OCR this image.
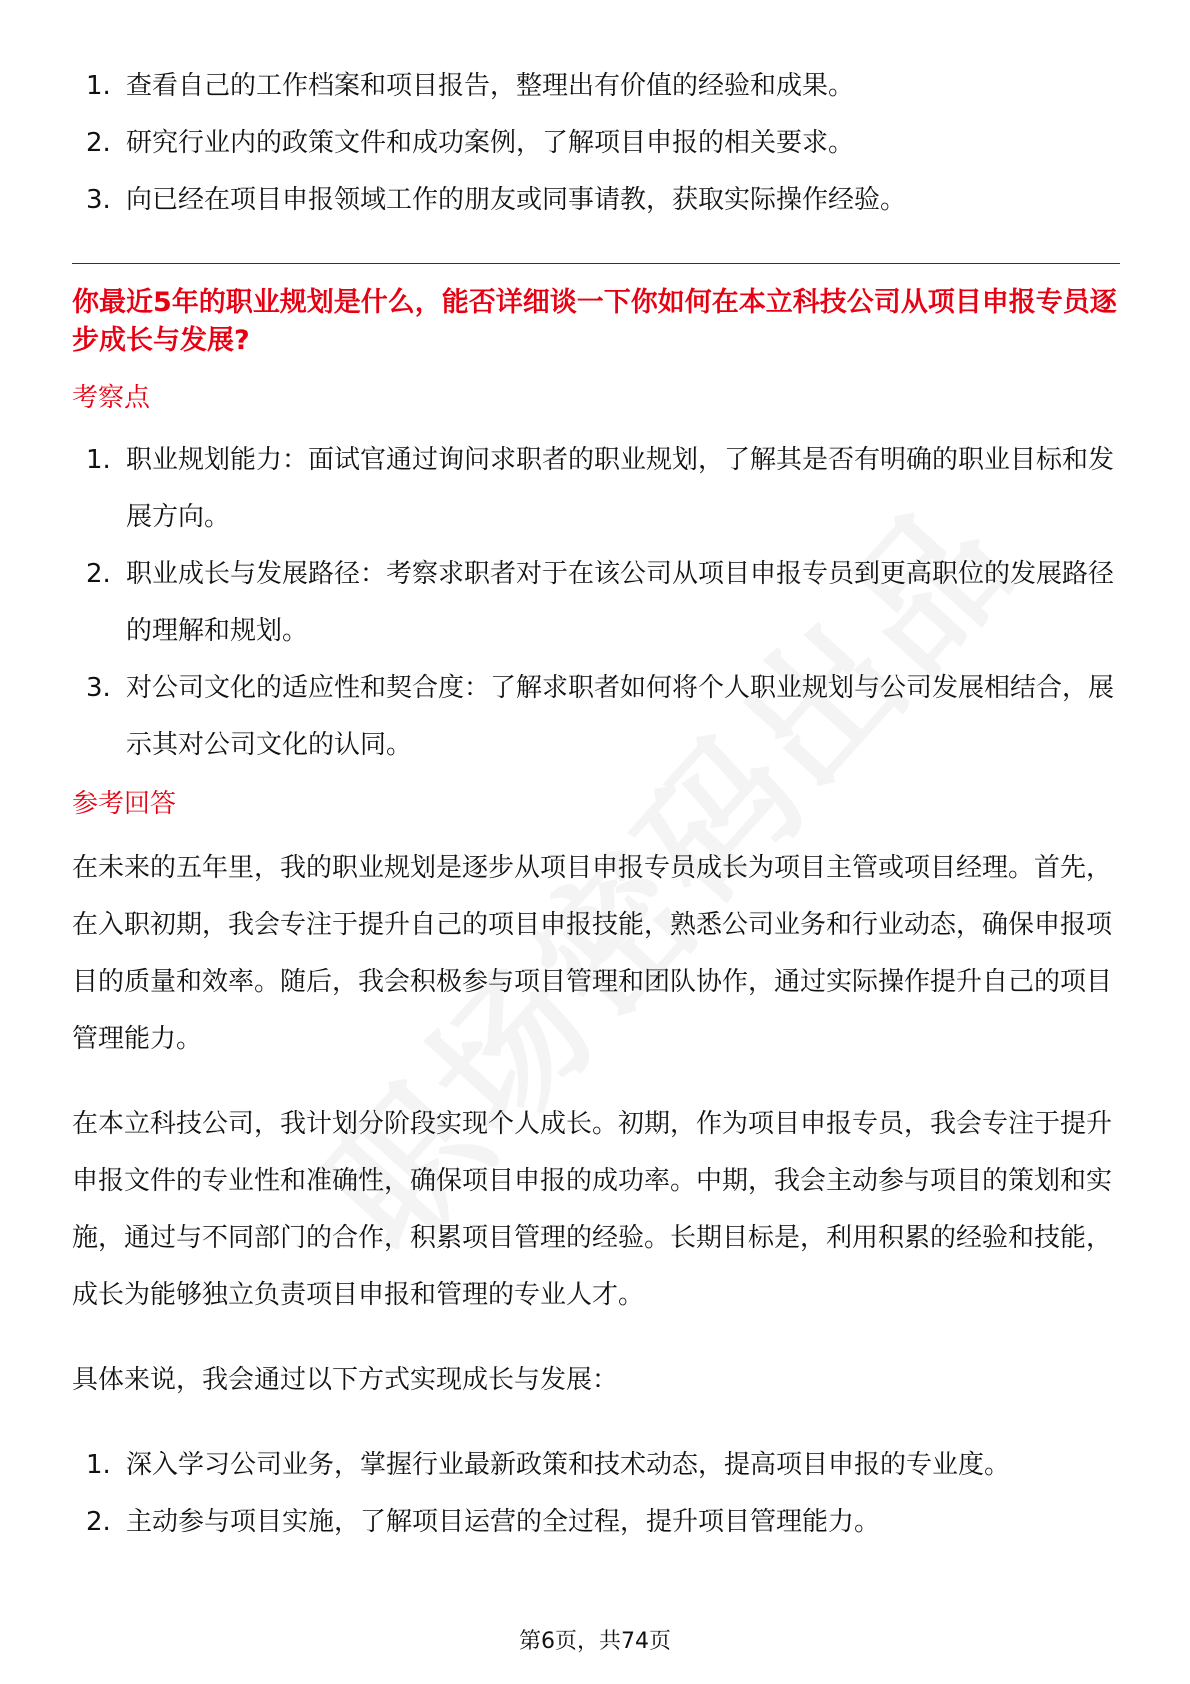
1. 查看自己的工作档案和项目报告，整理出有价值的经验和成果。
2. 研究行业内的政策文件和成功案例，了解项目申报的相关要求。
3. 向已经在项目申报领域工作的朋友或同事请教，获取实际操作经验。
你最近5年的职业规划是什么，能否详细谈一下你如何在本立科技公司从项目申报专员逐步成长与发展?
考察点
1. 职业规划能力：面试官通过询问求职者的职业规划，了解其是否有明确的职业目标和发展方向。
2. 职业成长与发展路径：考察求职者对于在该公司从项目申报专员到更高职位的发展路径的理解和规划。
3. 对公司文化的适应性和契合度：了解求职者如何将个人职业规划与公司发展相结合，展示其对公司文化的认同。
参考回答

在未来的五年里，我的职业规划是逐步从项目申报专员成长为项目主管或项目经理。首先，在入职初期，我会专注于提升自己的项目申报技能，熟悉公司业务和行业动态，确保申报项目的质量和效率。随后，我会积极参与项目管理和团队协作，通过实际操作提升自己的项目管理能力。

在本立科技公司，我计划分阶段实现个人成长。初期，作为项目申报专员，我会专注于提升申报文件的专业性和准确性，确保项目申报的成功率。中期，我会主动参与项目的策划和实施，通过与不同部门的合作，积累项目管理的经验。长期目标是，利用积累的经验和技能，成长为能够独立负责项目申报和管理的专业人才。

具体来说，我会通过以下方式实现成长与发展：

1. 深入学习公司业务，掌握行业最新政策和技术动态，提高项目申报的专业度。
2. 主动参与项目实施，了解项目运营的全过程，提升项目管理能力。
第6页，共74页
